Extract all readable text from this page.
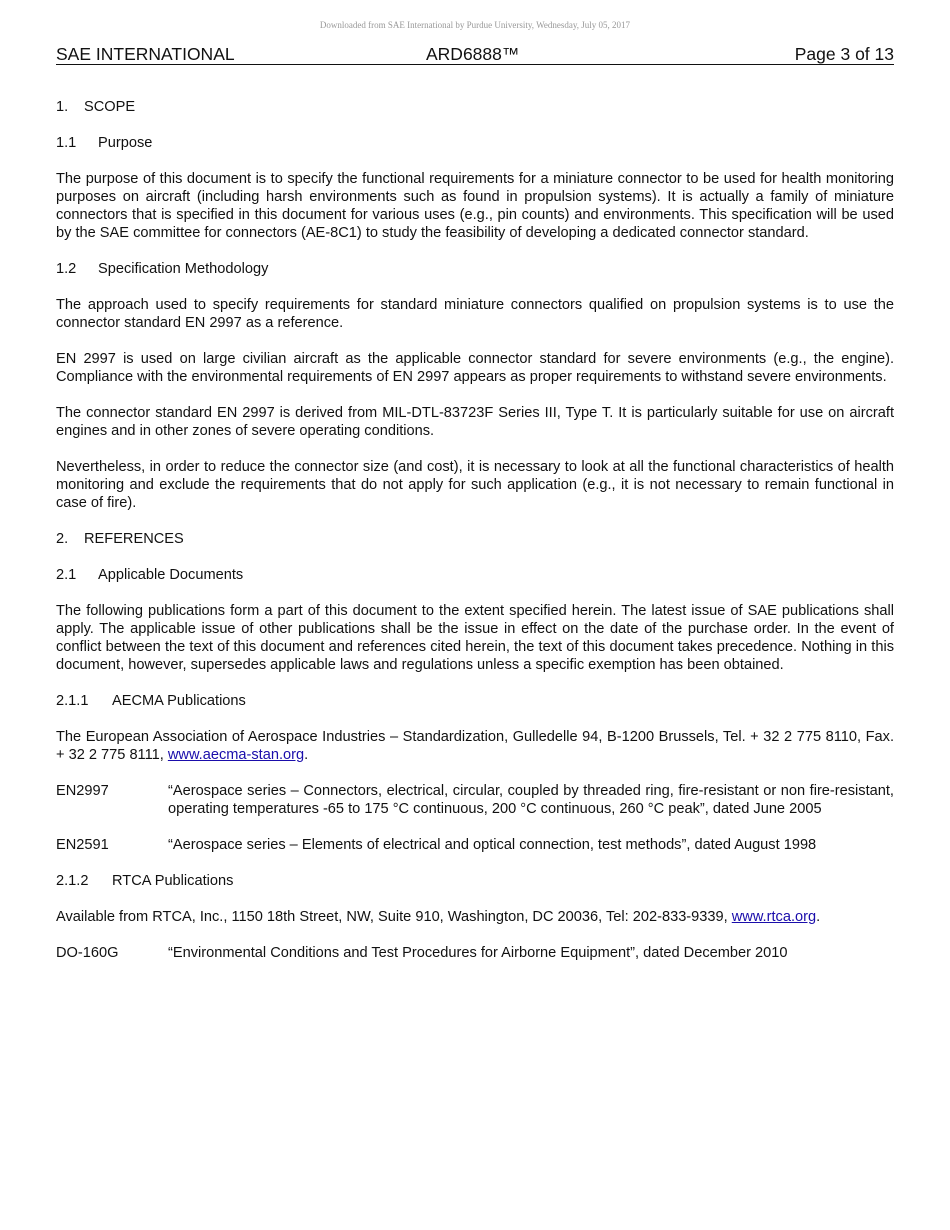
Downloaded from SAE International by Purdue University, Wednesday, July 05, 2017
SAE INTERNATIONAL	ARD6888™	Page 3 of 13
1. SCOPE
1.1 Purpose

The purpose of this document is to specify the functional requirements for a miniature connector to be used for health monitoring purposes on aircraft (including harsh environments such as found in propulsion systems). It is actually a family of miniature connectors that is specified in this document for various uses (e.g., pin counts) and environments. This specification will be used by the SAE committee for connectors (AE-8C1) to study the feasibility of developing a dedicated connector standard.

1.2 Specification Methodology

The approach used to specify requirements for standard miniature connectors qualified on propulsion systems is to use the connector standard EN 2997 as a reference.

EN 2997 is used on large civilian aircraft as the applicable connector standard for severe environments (e.g., the engine). Compliance with the environmental requirements of EN 2997 appears as proper requirements to withstand severe environments.

The connector standard EN 2997 is derived from MIL-DTL-83723F Series III, Type T. It is particularly suitable for use on aircraft engines and in other zones of severe operating conditions.

Nevertheless, in order to reduce the connector size (and cost), it is necessary to look at all the functional characteristics of health monitoring and exclude the requirements that do not apply for such application (e.g., it is not necessary to remain functional in case of fire).

2. REFERENCES
2.1 Applicable Documents

The following publications form a part of this document to the extent specified herein. The latest issue of SAE publications shall apply. The applicable issue of other publications shall be the issue in effect on the date of the purchase order. In the event of conflict between the text of this document and references cited herein, the text of this document takes precedence. Nothing in this document, however, supersedes applicable laws and regulations unless a specific exemption has been obtained.

2.1.1 AECMA Publications

The European Association of Aerospace Industries – Standardization, Gulledelle 94, B-1200 Brussels, Tel. + 32 2 775 8110, Fax. + 32 2 775 8111, www.aecma-stan.org.

EN2997	“Aerospace series – Connectors, electrical, circular, coupled by threaded ring, fire-resistant or non fire-resistant, operating temperatures -65 to 175 °C continuous, 200 °C continuous, 260 °C peak”, dated June 2005
EN2591	“Aerospace series – Elements of electrical and optical connection, test methods”, dated August 1998
2.1.2 RTCA Publications

Available from RTCA, Inc., 1150 18th Street, NW, Suite 910, Washington, DC 20036, Tel: 202-833-9339, www.rtca.org.

DO-160G	“Environmental Conditions and Test Procedures for Airborne Equipment”, dated December 2010
